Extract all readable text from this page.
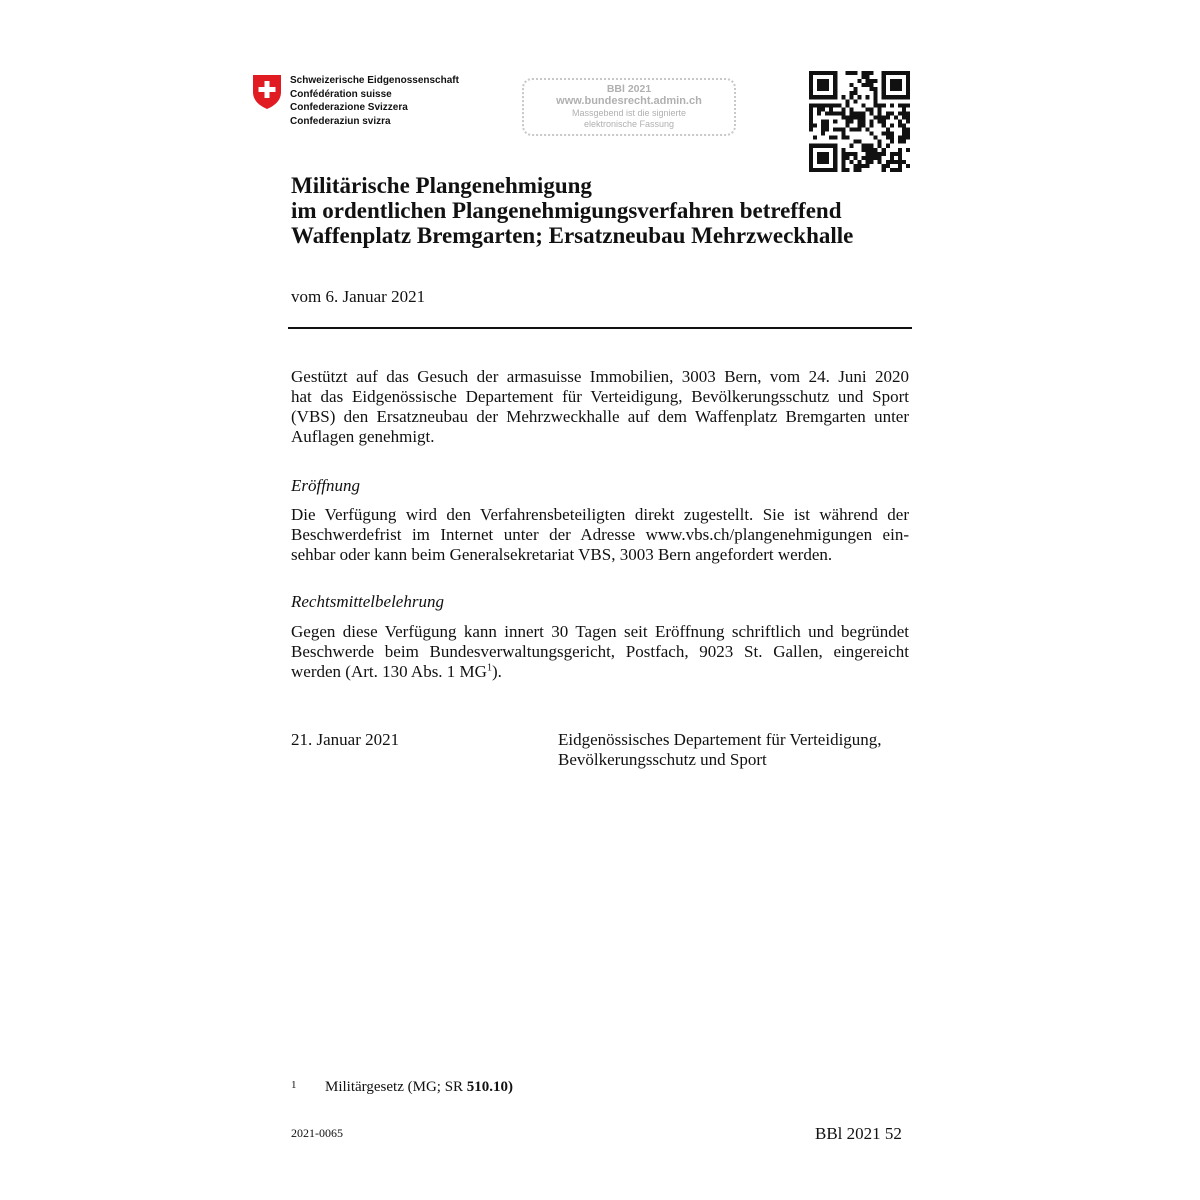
Schweizerische Eidgenossenschaft
Confédération suisse
Confederazione Svizzera
Confederaziun svizra
BBl 2021
www.bundesrecht.admin.ch
Massgebend ist die signierte
elektronische Fassung
Militärische Plangenehmigung
im ordentlichen Plangenehmigungsverfahren betreffend
Waffenplatz Bremgarten; Ersatzneubau Mehrzweckhalle
vom 6. Januar 2021
Gestützt auf das Gesuch der armasuisse Immobilien, 3003 Bern, vom 24. Juni 2020
hat das Eidgenössische Departement für Verteidigung, Bevölkerungsschutz und Sport
(VBS) den Ersatzneubau der Mehrzweckhalle auf dem Waffenplatz Bremgarten unter
Auflagen genehmigt.
Eröffnung
Die Verfügung wird den Verfahrensbeteiligten direkt zugestellt. Sie ist während der
Beschwerdefrist im Internet unter der Adresse www.vbs.ch/plangenehmigungen ein-
sehbar oder kann beim Generalsekretariat VBS, 3003 Bern angefordert werden.
Rechtsmittelbelehrung
Gegen diese Verfügung kann innert 30 Tagen seit Eröffnung schriftlich und begründet
Beschwerde beim Bundesverwaltungsgericht, Postfach, 9023 St. Gallen, eingereicht
werden (Art. 130 Abs. 1 $MG^1$).
21. Januar 2021	Eidgenössisches Departement für Verteidigung,
Bevölkerungsschutz und Sport
1 Militärgesetz (MG; SR 510.10)
2021-0065	BBl 2021 52
